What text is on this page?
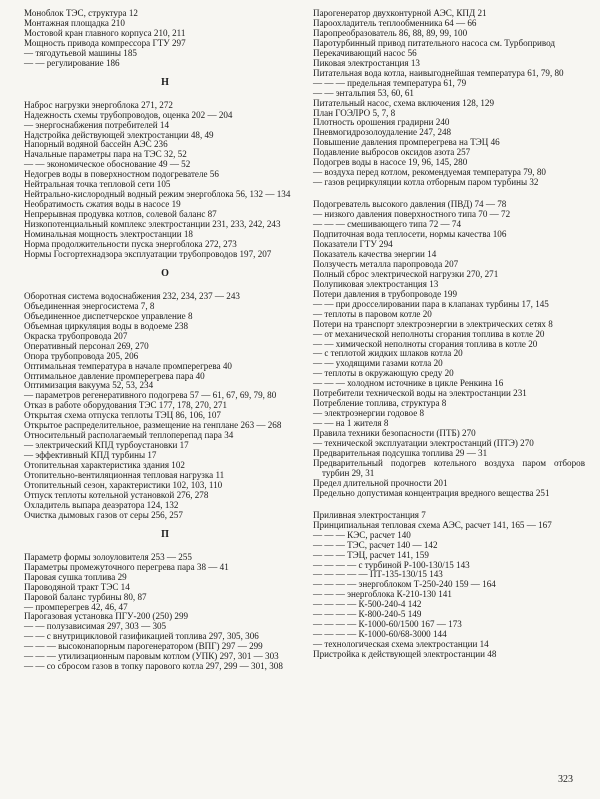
Моноблок ТЭС, структура 12
Монтажная площадка 210
Мостовой кран главного корпуса 210, 211
Мощность привода компрессора ГТУ 297
— тягодутьевой машины 185
— — регулирование 186
Н
Наброс нагрузки энергоблока 271, 272
Надежность схемы трубопроводов, оценка 202 — 204
— энергоснабжения потребителей 14
Надстройка действующей электростанции 48, 49
Напорный водяной бассейн АЭС 236
Начальные параметры пара на ТЭС 32, 52
— — экономическое обоснование 49 — 52
Недогрев воды в поверхностном подогревателе 56
Нейтральная точка тепловой сети 105
Нейтрально-кислородный водный режим энергоблока 56, 132 — 134
Необратимость сжатия воды в насосе 19
Непрерывная продувка котлов, солевой баланс 87
Низкопотенциальный комплекс электростанции 231, 233, 242, 243
Номинальная мощность электростанции 18
Норма продолжительности пуска энергоблока 272, 273
Нормы Госгортехнадзора эксплуатации трубопроводов 197, 207
О
Оборотная система водоснабжения 232, 234, 237 — 243
Объединенная энергосистема 7, 8
Объединенное диспетчерское управление 8
Объемная циркуляция воды в водоеме 238
Окраска трубопровода 207
Оперативный персонал 269, 270
Опора трубопровода 205, 206
Оптимальная температура в начале промперегрева 40
Оптимальное давление промперегрева пара 40
Оптимизация вакуума 52, 53, 234
— параметров регенеративного подогрева 57 — 61, 67, 69, 79, 80
Отказ в работе оборудования ТЭС 177, 178, 270, 271
Открытая схема отпуска теплоты ТЭЦ 86, 106, 107
Открытое распределительное, размещение на генплане 263 — 268
Относительный располагаемый теплоперепад пара 34
— электрический КПД турбоустановки 17
— эффективный КПД турбины 17
Отопительная характеристика здания 102
Отопительно-вентиляционная тепловая нагрузка 11
Отопительный сезон, характеристики 102, 103, 110
Отпуск теплоты котельной установкой 276, 278
Охладитель выпара деаэратора 124, 132
Очистка дымовых газов от серы 256, 257
П
Параметр формы золоуловителя 253 — 255
Параметры промежуточного перегрева пара 38 — 41
Паровая сушка топлива 29
Пароводяной тракт ТЭС 14
Паровой баланс турбины 80, 87
— промперегрев 42, 46, 47
Парогазовая установка ПГУ-200 (250) 299
— — полузависимая 297, 303 — 305
— — с внутрицикловой газификацией топлива 297, 305, 306
— — — высоконапорным парогенератором (ВПГ) 297 — 299
— — — утилизационным паровым котлом (УПК) 297, 301 — 303
— — со сбросом газов в топку парового котла 297, 299 — 301, 308
Парогенератор двухконтурной АЭС, КПД 21
Пароохладитель теплообменника 64 — 66
Паропреобразователь 86, 88, 89, 99, 100
Паротурбинный привод питательного насоса см. Турбопривод
Перекачивающий насос 56
Пиковая электростанция 13
Питательная вода котла, наивыгоднейшая температура 61, 79, 80
— — — предельная температура 61, 79
— — энтальпия 53, 60, 61
Питательный насос, схема включения 128, 129
План ГОЭЛРО 5, 7, 8
Плотность орошения градирни 240
Пневмогидрозолоудаление 247, 248
Повышение давления промперегрева на ТЭЦ 46
Подавление выбросов оксидов азота 257
Подогрев воды в насосе 19, 96, 145, 280
— воздуха перед котлом, рекомендуемая температура 79, 80
— газов рециркуляции котла отборным паром турбины 32
Подогреватель высокого давления (ПВД) 74 — 78
— низкого давления поверхностного типа 70 — 72
— — — смешивающего типа 72 — 74
Подпиточная вода теплосети, нормы качества 106
Показатели ГТУ 294
Показатель качества энергии 14
Ползучесть металла паропровода 207
Полный сброс электрической нагрузки 270, 271
Полупиковая электростанция 13
Потери давления в трубопроводе 199
— — при дросселировании пара в клапанах турбины 17, 145
— теплоты в паровом котле 20
Потери на транспорт электроэнергии в электрических сетях 8
— от механической неполноты сгорания топлива в котле 20
— — химической неполноты сгорания топлива в котле 20
— с теплотой жидких шлаков котла 20
— — уходящими газами котла 20
— теплоты в окружающую среду 20
— — — холодном источнике в цикле Ренкина 16
Потребители технической воды на электростанции 231
Потребление топлива, структура 8
— электроэнергии годовое 8
— — на 1 жителя 8
Правила техники безопасности (ПТБ) 270
— технической эксплуатации электростанций (ПТЭ) 270
Предварительная подсушка топлива 29 — 31
Предварительный подогрев котельного воздуха паром отборов турбин 29, 31
Предел длительной прочности 201
Предельно допустимая концентрация вредного вещества 251
Приливная электростанция 7
Принципиальная тепловая схема АЭС, расчет 141, 165 — 167
— — — КЭС, расчет 140
— — — ТЭС, расчет 140 — 142
— — — ТЭЦ, расчет 141, 159
— — — — с турбиной Р-100-130/15 143
— — — — — ПТ-135-130/15 143
— — — — энергоблоком Т-250-240 159 — 164
— — — энергоблока К-210-130 141
— — — — К-500-240-4 142
— — — — К-800-240-5 149
— — — — К-1000-60/1500 167 — 173
— — — — К-1000-60/68-3000 144
— технологическая схема электростанции 14
Пристройка к действующей электростанции 48
323
